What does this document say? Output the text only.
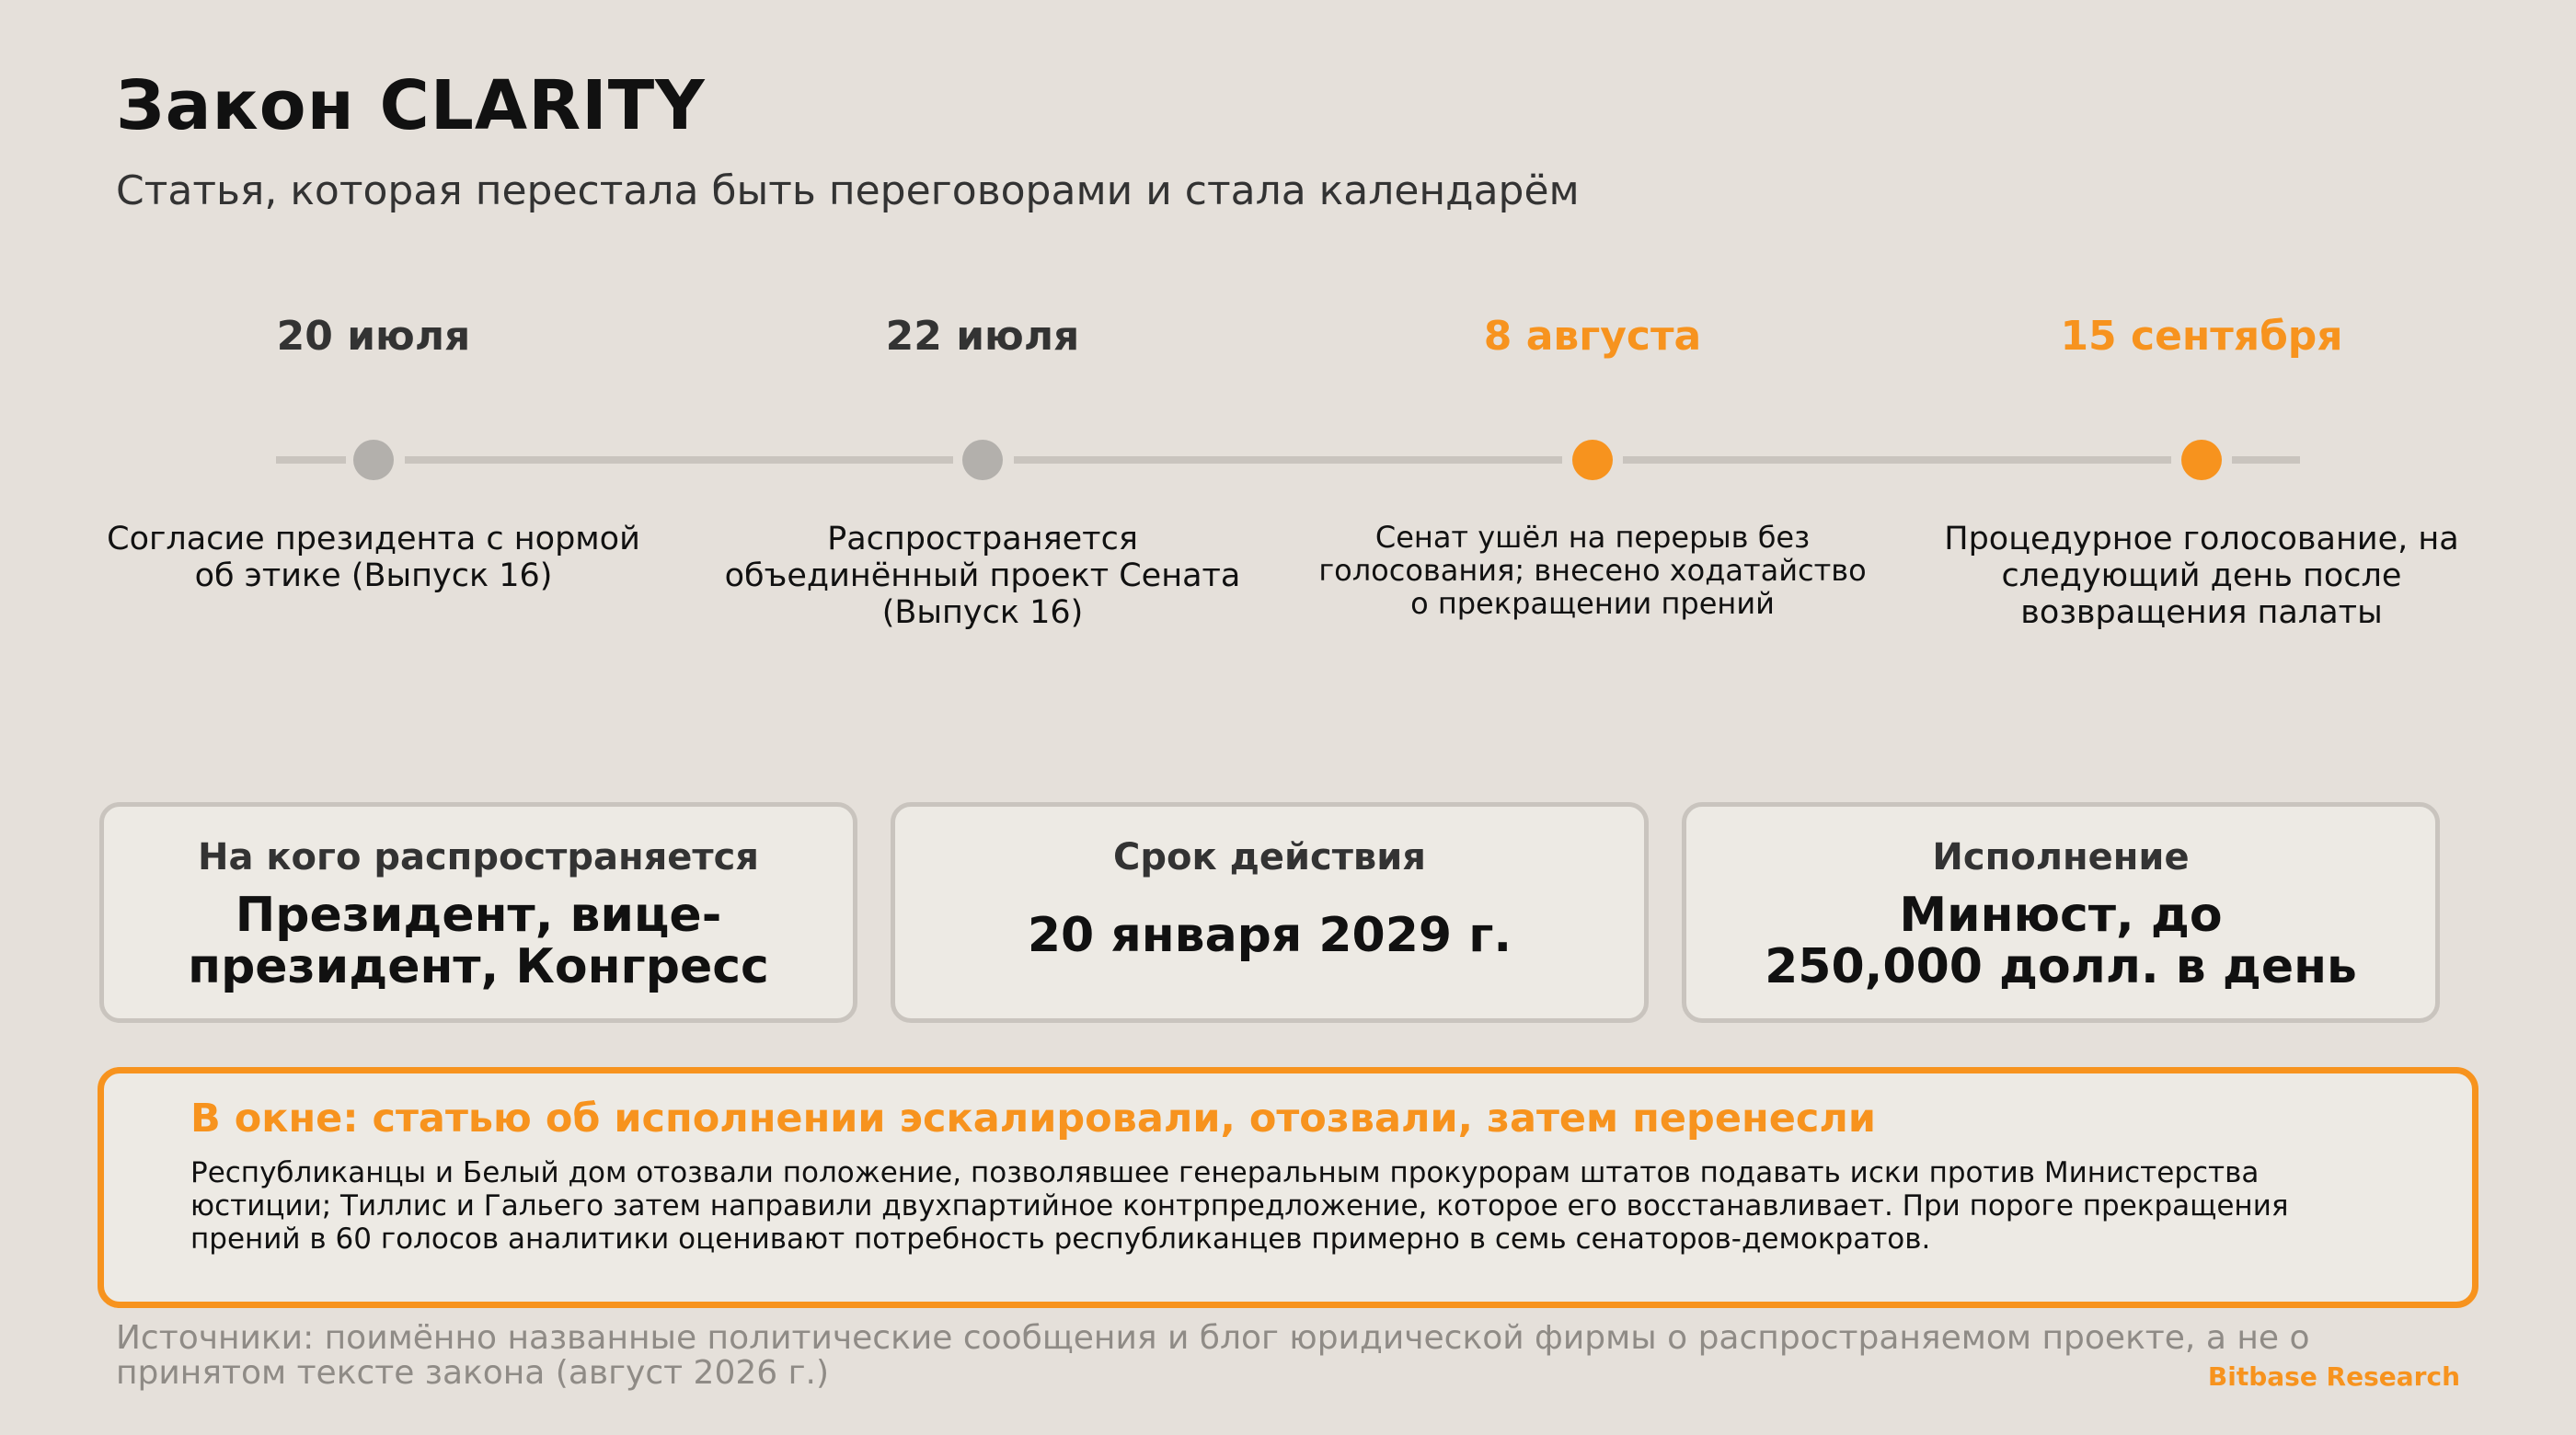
Закон CLARITY
Статья, которая перестала быть переговорами и стала календарём
20 июля
Согласие президента с нормой об этике (Выпуск 16)
22 июля
Распространяется объединённый проект Сената (Выпуск 16)
8 августа
Сенат ушёл на перерыв без голосования; внесено ходатайство о прекращении прений
15 сентября
Процедурное голосование, на следующий день после возвращения палаты
На кого распространяется
Президент, вице-
президент, Конгресс
Срок действия
20 января 2029 г.
Исполнение
Минюст, до
250,000 долл. в день
В окне: статью об исполнении эскалировали, отозвали, затем перенесли
Республиканцы и Белый дом отозвали положение, позволявшее генеральным прокурорам штатов подавать иски против Министерства
юстиции; Тиллис и Гальего затем направили двухпартийное контрпредложение, которое его восстанавливает. При пороге прекращения
прений в 60 голосов аналитики оценивают потребность республиканцев примерно в семь сенаторов-демократов.
Источники: поимённо названные политические сообщения и блог юридической фирмы о распространяемом проекте, а не о
принятом тексте закона (август 2026 г.)	Bitbase Research
